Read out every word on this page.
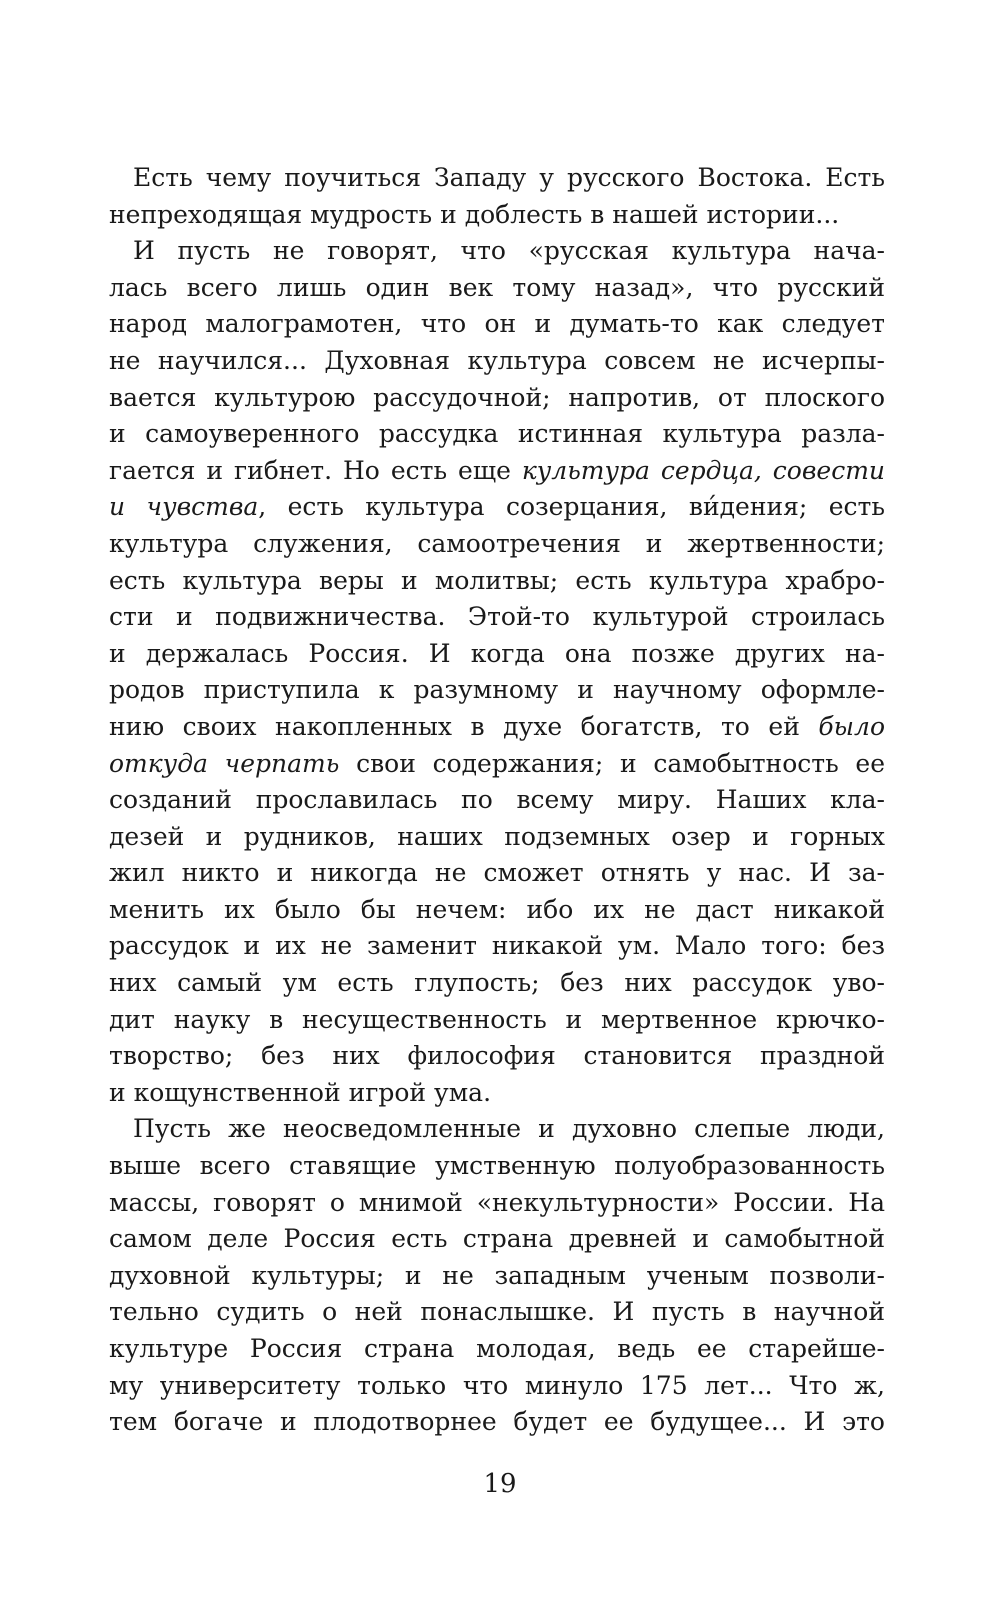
Есть чему поучиться Западу у русского Востока. Есть
непреходящая мудрость и доблесть в нашей истории...
И пусть не говорят, что «русская культура нача-
лась всего лишь один век тому назад», что русский
народ малограмотен, что он и думать-то как следует
не научился... Духовная культура совсем не исчерпы-
вается культурою рассудочной; напротив, от плоского
и самоуверенного рассудка истинная культура разла-
гается и гибнет. Но есть еще культура сердца, совести
и чувства, есть культура созерцания, ви́дения; есть
культура служения, самоотречения и жертвенности;
есть культура веры и молитвы; есть культура храбро-
сти и подвижничества. Этой-то культурой строилась
и держалась Россия. И когда она позже других на-
родов приступила к разумному и научному оформле-
нию своих накопленных в духе богатств, то ей было
откуда черпать свои содержания; и самобытность ее
созданий прославилась по всему миру. Наших кла-
дезей и рудников, наших подземных озер и горных
жил никто и никогда не сможет отнять у нас. И за-
менить их было бы нечем: ибо их не даст никакой
рассудок и их не заменит никакой ум. Мало того: без
них самый ум есть глупость; без них рассудок уво-
дит науку в несущественность и мертвенное крючко-
творство; без них философия становится праздной
и кощунственной игрой ума.
Пусть же неосведомленные и духовно слепые люди,
выше всего ставящие умственную полуобразованность
массы, говорят о мнимой «некультурности» России. На
самом деле Россия есть страна древней и самобытной
духовной культуры; и не западным ученым позволи-
тельно судить о ней понаслышке. И пусть в научной
культуре Россия страна молодая, ведь ее старейше-
му университету только что минуло 175 лет... Что ж,
тем богаче и плодотворнее будет ее будущее... И это
19
